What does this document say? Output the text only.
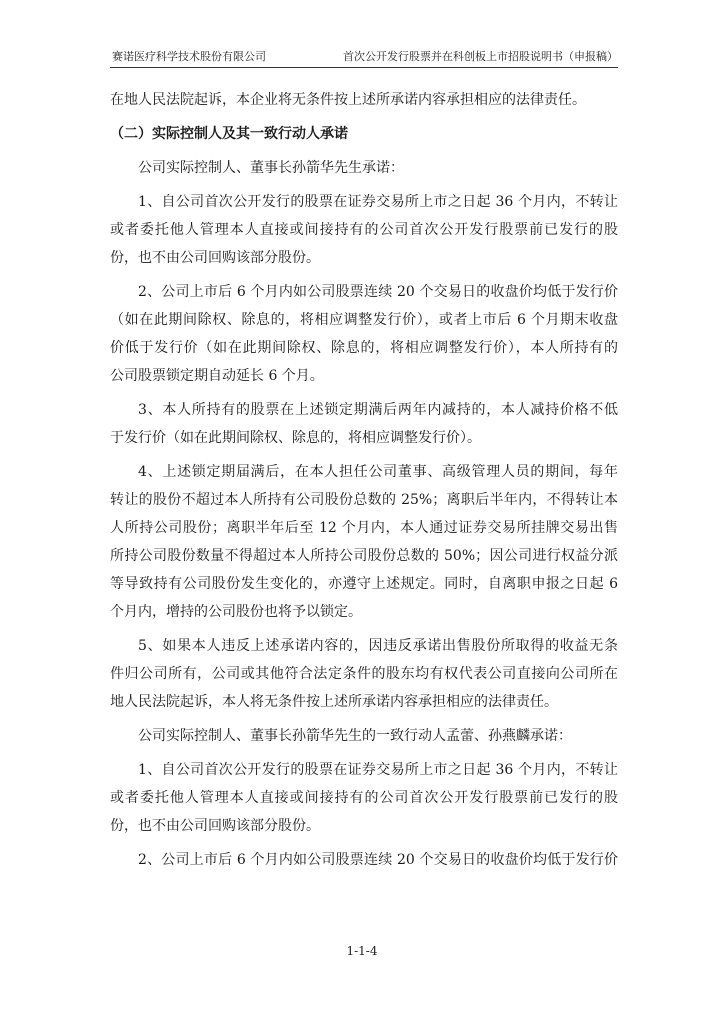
赛诺医疗科学技术股份有限公司	首次公开发行股票并在科创板上市招股说明书（申报稿）
在地人民法院起诉，本企业将无条件按上述所承诺内容承担相应的法律责任。
（二）实际控制人及其一致行动人承诺
公司实际控制人、董事长孙箭华先生承诺：
1、自公司首次公开发行的股票在证券交易所上市之日起 36 个月内，不转让
或者委托他人管理本人直接或间接持有的公司首次公开发行股票前已发行的股
份，也不由公司回购该部分股份。
2、公司上市后 6 个月内如公司股票连续 20 个交易日的收盘价均低于发行价
（如在此期间除权、除息的，将相应调整发行价），或者上市后 6 个月期末收盘
价低于发行价（如在此期间除权、除息的，将相应调整发行价），本人所持有的
公司股票锁定期自动延长 6 个月。
3、本人所持有的股票在上述锁定期满后两年内减持的，本人减持价格不低
于发行价（如在此期间除权、除息的，将相应调整发行价）。
4、上述锁定期届满后，在本人担任公司董事、高级管理人员的期间，每年
转让的股份不超过本人所持有公司股份总数的 25%；离职后半年内，不得转让本
人所持公司股份；离职半年后至 12 个月内，本人通过证券交易所挂牌交易出售
所持公司股份数量不得超过本人所持公司股份总数的 50%；因公司进行权益分派
等导致持有公司股份发生变化的，亦遵守上述规定。同时，自离职申报之日起 6
个月内，增持的公司股份也将予以锁定。
5、如果本人违反上述承诺内容的，因违反承诺出售股份所取得的收益无条
件归公司所有，公司或其他符合法定条件的股东均有权代表公司直接向公司所在
地人民法院起诉，本人将无条件按上述所承诺内容承担相应的法律责任。
公司实际控制人、董事长孙箭华先生的一致行动人孟蕾、孙燕麟承诺：
1、自公司首次公开发行的股票在证券交易所上市之日起 36 个月内，不转让
或者委托他人管理本人直接或间接持有的公司首次公开发行股票前已发行的股
份，也不由公司回购该部分股份。
2、公司上市后 6 个月内如公司股票连续 20 个交易日的收盘价均低于发行价
1-1-4
